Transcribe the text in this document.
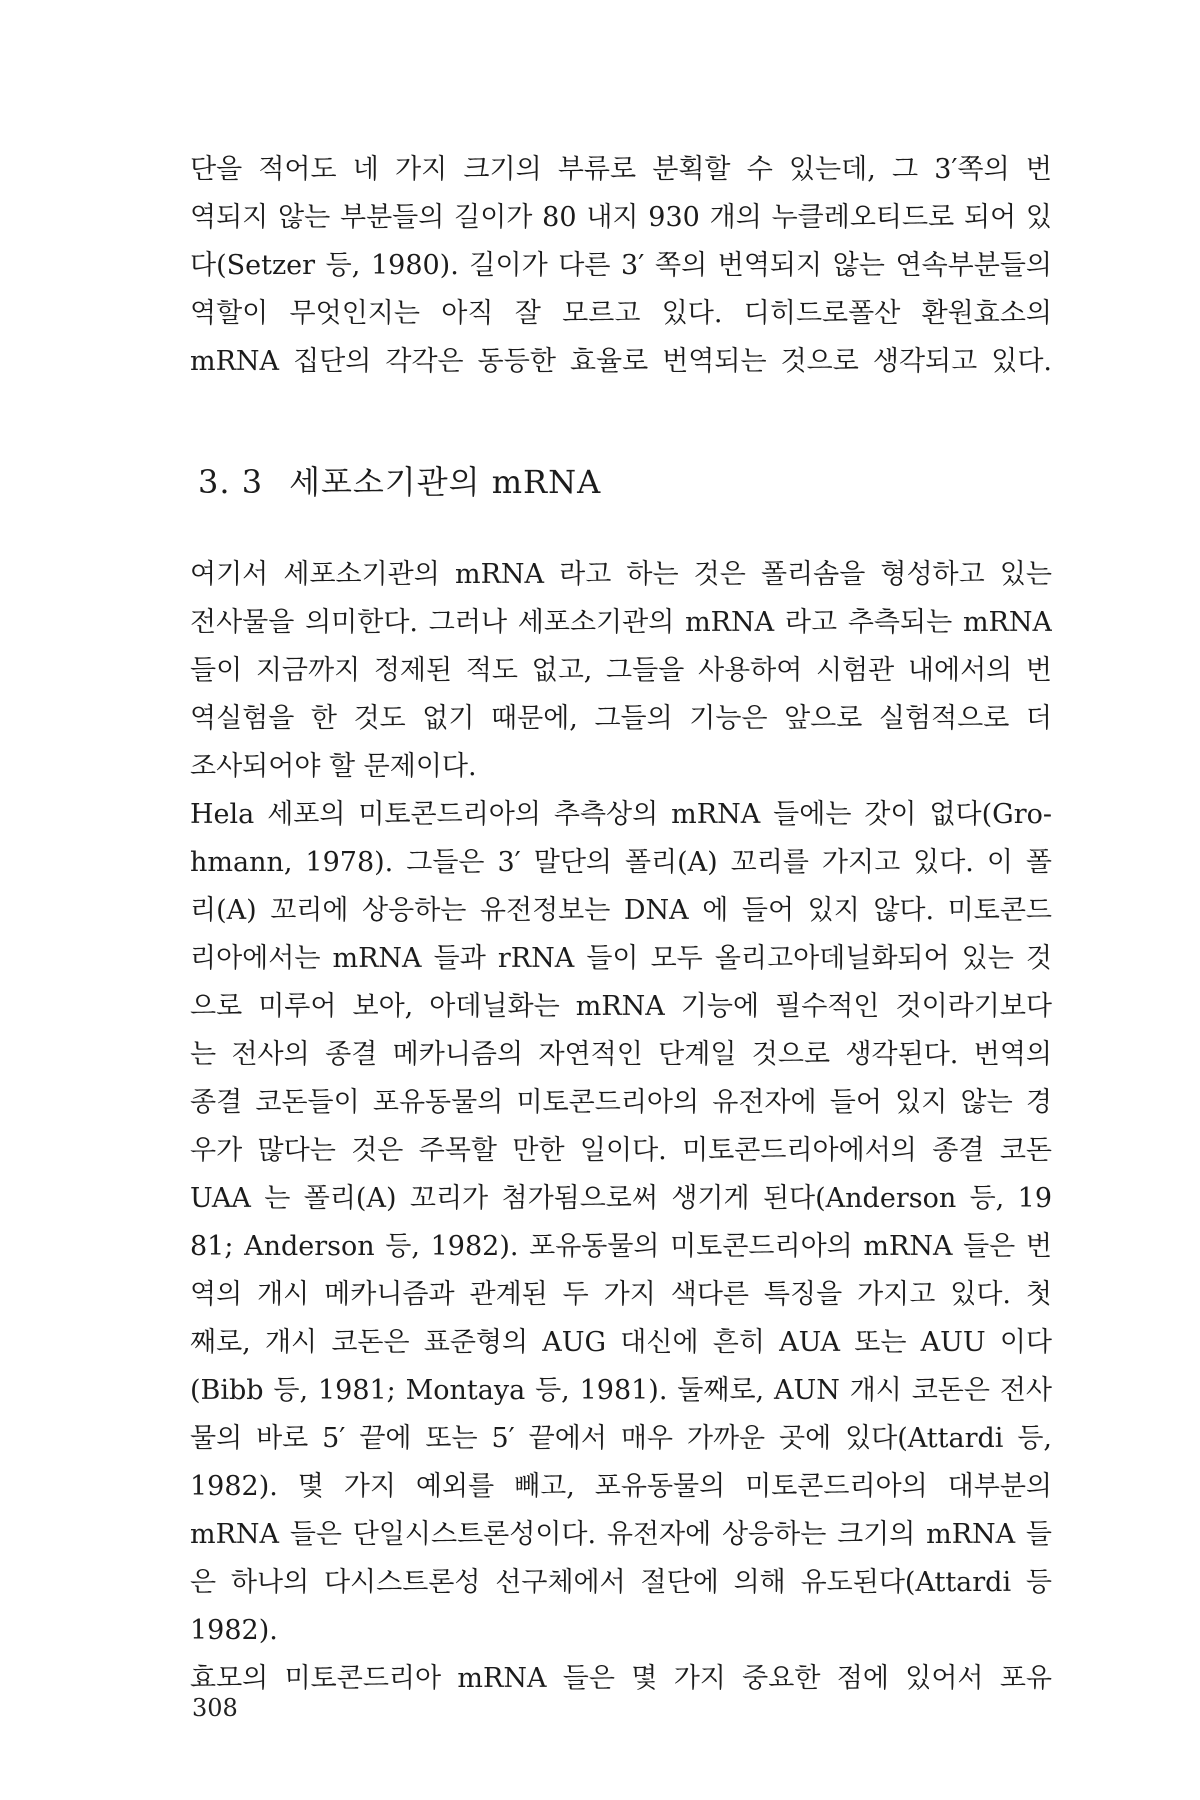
단을 적어도 네 가지 크기의 부류로 분획할 수 있는데, 그 3′쪽의 번
역되지 않는 부분들의 길이가 80 내지 930 개의 누클레오티드로 되어 있
다(Setzer 등, 1980). 길이가 다른 3′ 쪽의 번역되지 않는 연속부분들의
역할이 무엇인지는 아직 잘 모르고 있다. 디히드로폴산 환원효소의
mRNA 집단의 각각은 동등한 효율로 번역되는 것으로 생각되고 있다.
3. 3 세포소기관의 mRNA
여기서 세포소기관의 mRNA 라고 하는 것은 폴리솜을 형성하고 있는
전사물을 의미한다. 그러나 세포소기관의 mRNA 라고 추측되는 mRNA
들이 지금까지 정제된 적도 없고, 그들을 사용하여 시험관 내에서의 번
역실험을 한 것도 없기 때문에, 그들의 기능은 앞으로 실험적으로 더
조사되어야 할 문제이다.
Hela 세포의 미토콘드리아의 추측상의 mRNA 들에는 갓이 없다(Gro-
hmann, 1978). 그들은 3′ 말단의 폴리(A) 꼬리를 가지고 있다. 이 폴
리(A) 꼬리에 상응하는 유전정보는 DNA 에 들어 있지 않다. 미토콘드
리아에서는 mRNA 들과 rRNA 들이 모두 올리고아데닐화되어 있는 것
으로 미루어 보아, 아데닐화는 mRNA 기능에 필수적인 것이라기보다
는 전사의 종결 메카니즘의 자연적인 단계일 것으로 생각된다. 번역의
종결 코돈들이 포유동물의 미토콘드리아의 유전자에 들어 있지 않는 경
우가 많다는 것은 주목할 만한 일이다. 미토콘드리아에서의 종결 코돈
UAA 는 폴리(A) 꼬리가 첨가됨으로써 생기게 된다(Anderson 등, 19
81; Anderson 등, 1982). 포유동물의 미토콘드리아의 mRNA 들은 번
역의 개시 메카니즘과 관계된 두 가지 색다른 특징을 가지고 있다. 첫
째로, 개시 코돈은 표준형의 AUG 대신에 흔히 AUA 또는 AUU 이다
(Bibb 등, 1981; Montaya 등, 1981). 둘째로, AUN 개시 코돈은 전사
물의 바로 5′ 끝에 또는 5′ 끝에서 매우 가까운 곳에 있다(Attardi 등,
1982). 몇 가지 예외를 빼고, 포유동물의 미토콘드리아의 대부분의
mRNA 들은 단일시스트론성이다. 유전자에 상응하는 크기의 mRNA 들
은 하나의 다시스트론성 선구체에서 절단에 의해 유도된다(Attardi 등
1982).
효모의 미토콘드리아 mRNA 들은 몇 가지 중요한 점에 있어서 포유
308
